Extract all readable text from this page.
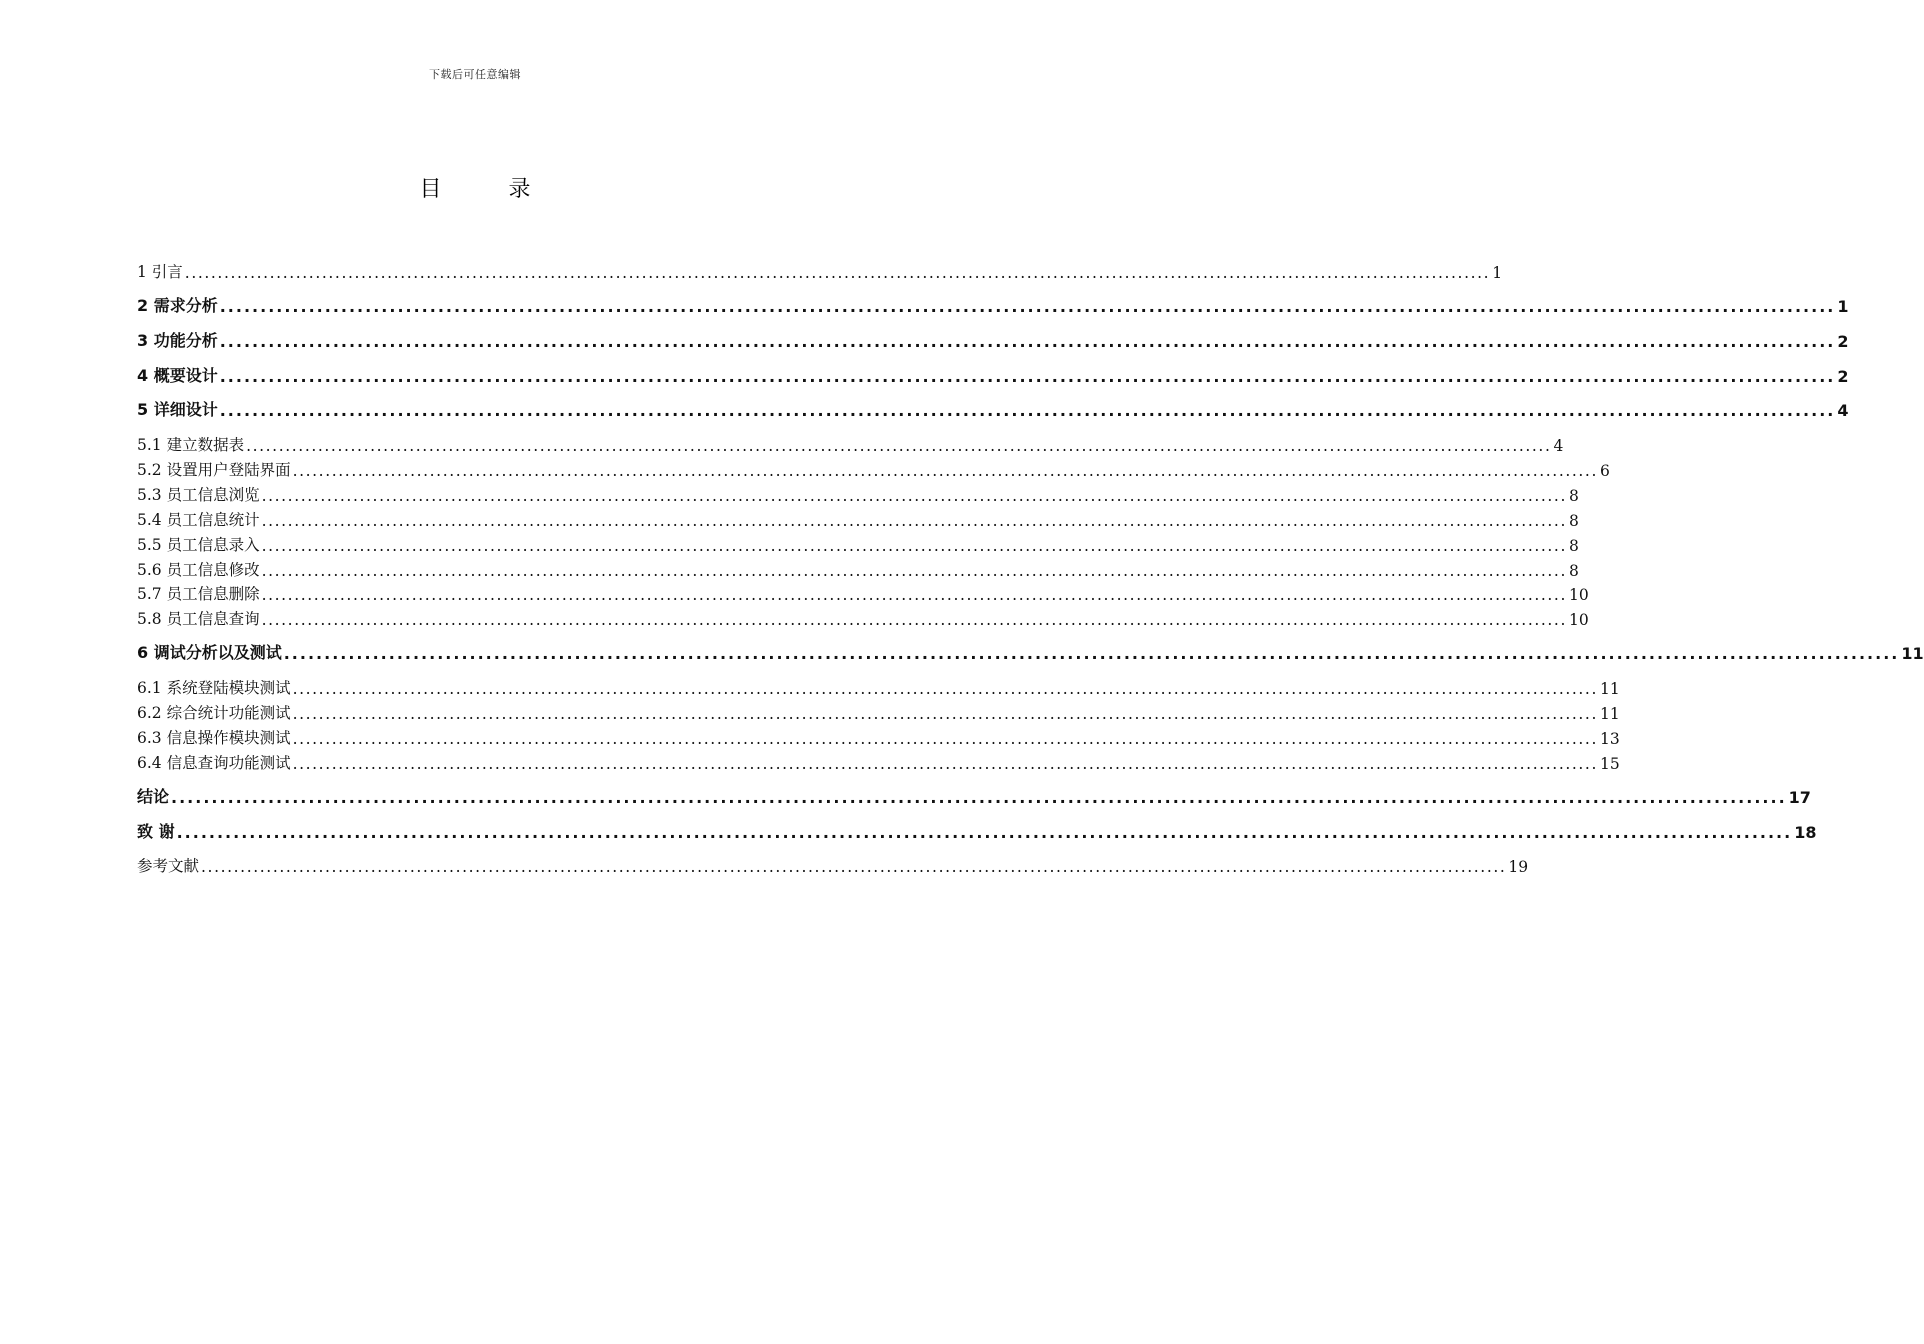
下载后可任意编辑
目 录
1 引言 ........................................................................................................................................................................................................ 1
2 需求分析 ........................................................................................................................................................................................................ 1
3 功能分析 ........................................................................................................................................................................................................ 2
4 概要设计 ........................................................................................................................................................................................................ 2
5 详细设计 ........................................................................................................................................................................................................ 4
5.1 建立数据表 ........................................................................................................................................................................................................ 4
5.2 设置用户登陆界面 ........................................................................................................................................................................................................ 6
5.3 员工信息浏览 ........................................................................................................................................................................................................ 8
5.4 员工信息统计 ........................................................................................................................................................................................................ 8
5.5 员工信息录入 ........................................................................................................................................................................................................ 8
5.6 员工信息修改 ........................................................................................................................................................................................................ 8
5.7 员工信息删除 ........................................................................................................................................................................................................ 10
5.8 员工信息查询 ........................................................................................................................................................................................................ 10
6 调试分析以及测试 ........................................................................................................................................................................................................ 11
6.1 系统登陆模块测试 ........................................................................................................................................................................................................ 11
6.2 综合统计功能测试 ........................................................................................................................................................................................................ 11
6.3 信息操作模块测试 ........................................................................................................................................................................................................ 13
6.4 信息查询功能测试 ........................................................................................................................................................................................................ 15
结论 ........................................................................................................................................................................................................ 17
致 谢 ........................................................................................................................................................................................................ 18
参考文献 ........................................................................................................................................................................................................ 19
